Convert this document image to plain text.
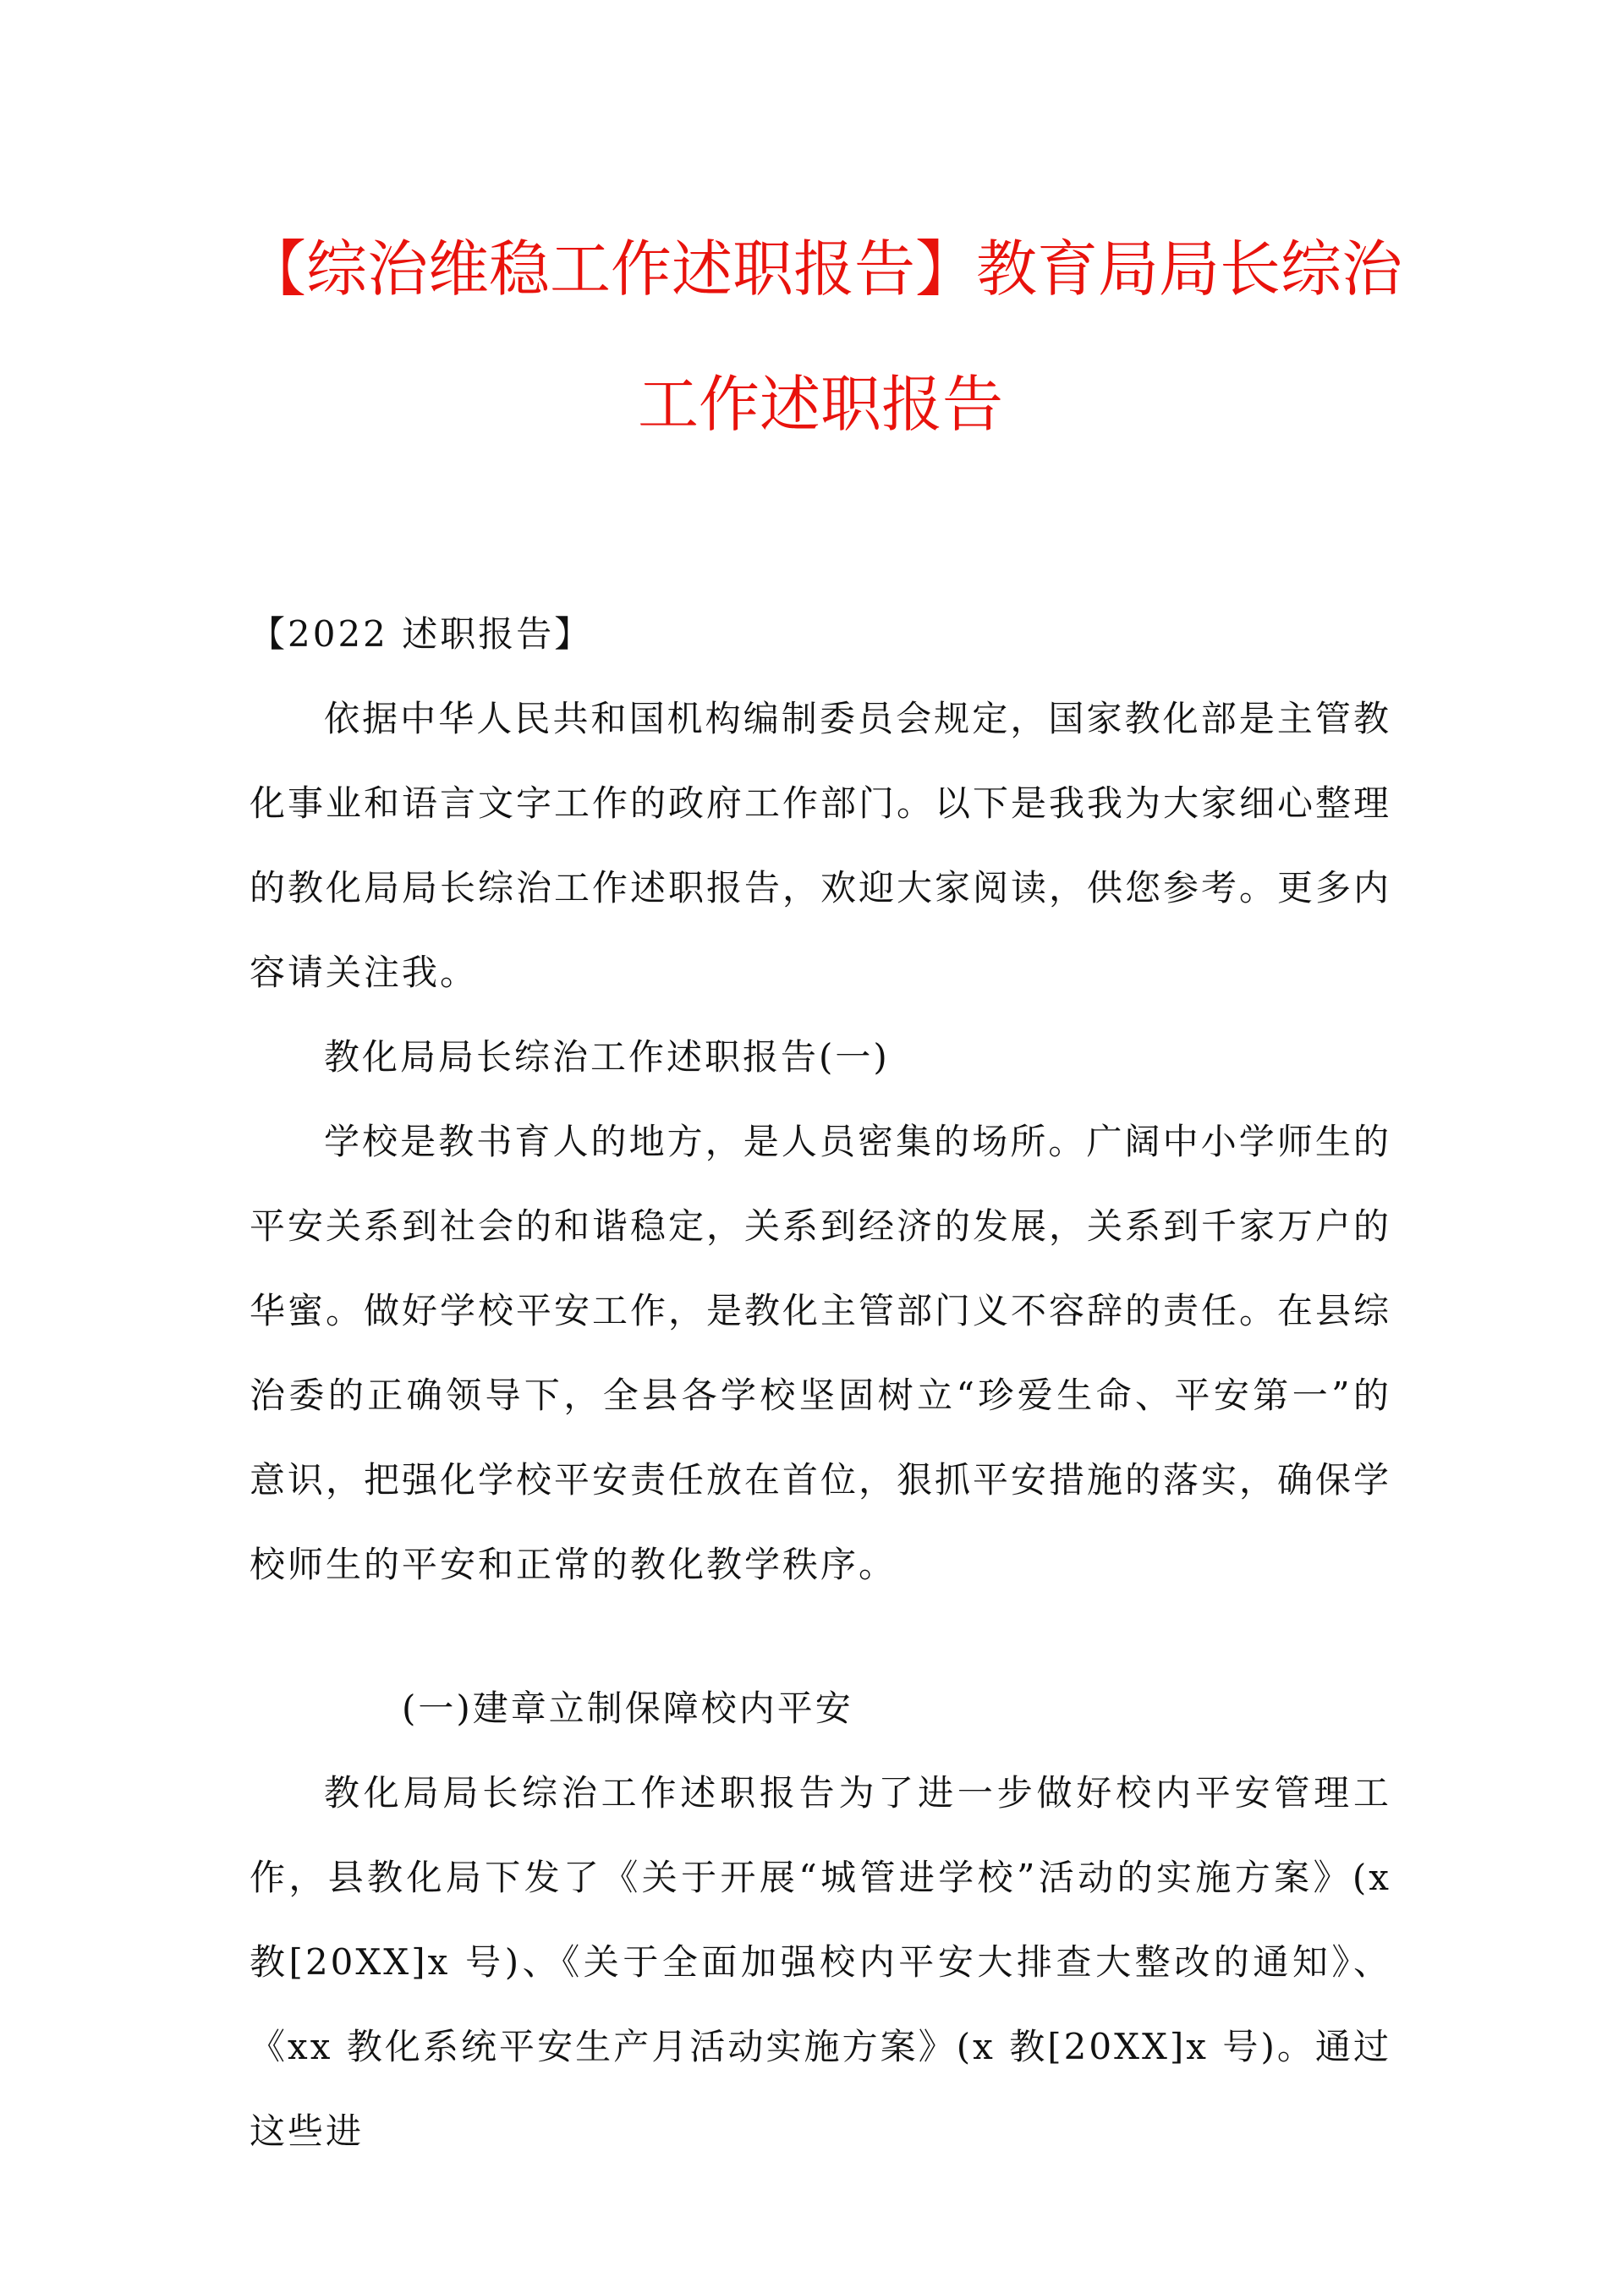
【综治维稳工作述职报告】教育局局长综治
工作述职报告

【2022 述职报告】

依据中华人民共和国机构编制委员会规定，国家教化部是主管教化事业和语言文字工作的政府工作部门。以下是我我为大家细心整理的教化局局长综治工作述职报告，欢迎大家阅读，供您参考。更多内容请关注我。

教化局局长综治工作述职报告(一)

学校是教书育人的地方，是人员密集的场所。广阔中小学师生的平安关系到社会的和谐稳定，关系到经济的发展，关系到千家万户的华蜜。做好学校平安工作，是教化主管部门义不容辞的责任。在县综治委的正确领导下，全县各学校坚固树立“珍爱生命、平安第一”的意识，把强化学校平安责任放在首位，狠抓平安措施的落实，确保学校师生的平安和正常的教化教学秩序。

(一)建章立制保障校内平安

教化局局长综治工作述职报告为了进一步做好校内平安管理工作，县教化局下发了《关于开展“城管进学校”活动的实施方案》(x 教[20XX]x 号)、《关于全面加强校内平安大排查大整改的通知》、《xx 教化系统平安生产月活动实施方案》(x 教[20XX]x 号)。通过这些进
